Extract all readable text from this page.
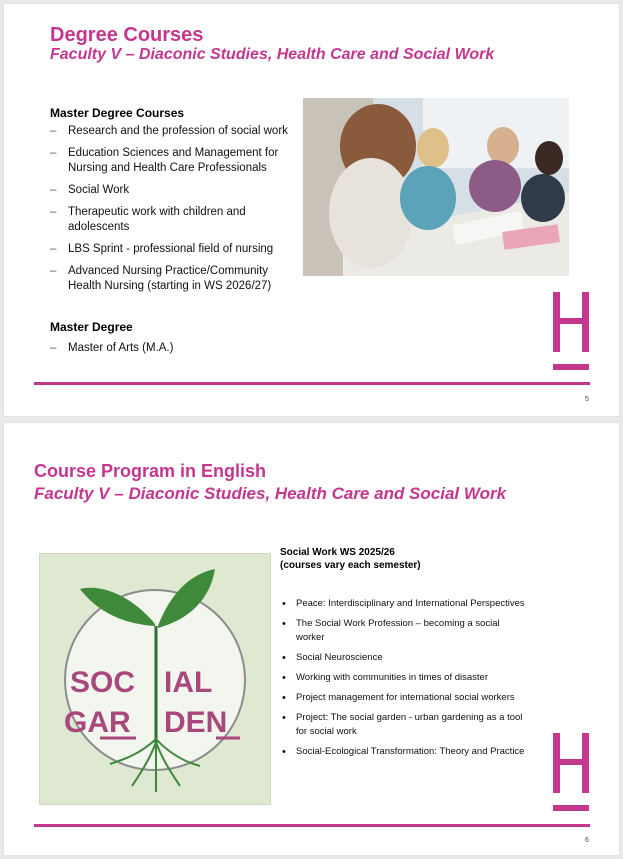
Degree Courses
Faculty V – Diaconic Studies, Health Care and Social Work
Master Degree Courses
– Research and the profession of social work
– Education Sciences and Management for Nursing and Health Care Professionals
– Social Work
– Therapeutic work with children and adolescents
– LBS Sprint - professional field of nursing
– Advanced Nursing Practice/Community Health Nursing (starting in WS 2026/27)
Master Degree
– Master of Arts (M.A.)
5
Course Program in English
Faculty V – Diaconic Studies, Health Care and Social Work
SOC IAL
GAR DEN
Social Work WS 2025/26
(courses vary each semester)
• Peace: Interdisciplinary and International Perspectives
• The Social Work Profession – becoming a social worker
• Social Neuroscience
• Working with communities in times of disaster
• Project management for international social workers
• Project: The social garden - urban gardening as a tool for social work
• Social-Ecological Transformation: Theory and Practice
6
